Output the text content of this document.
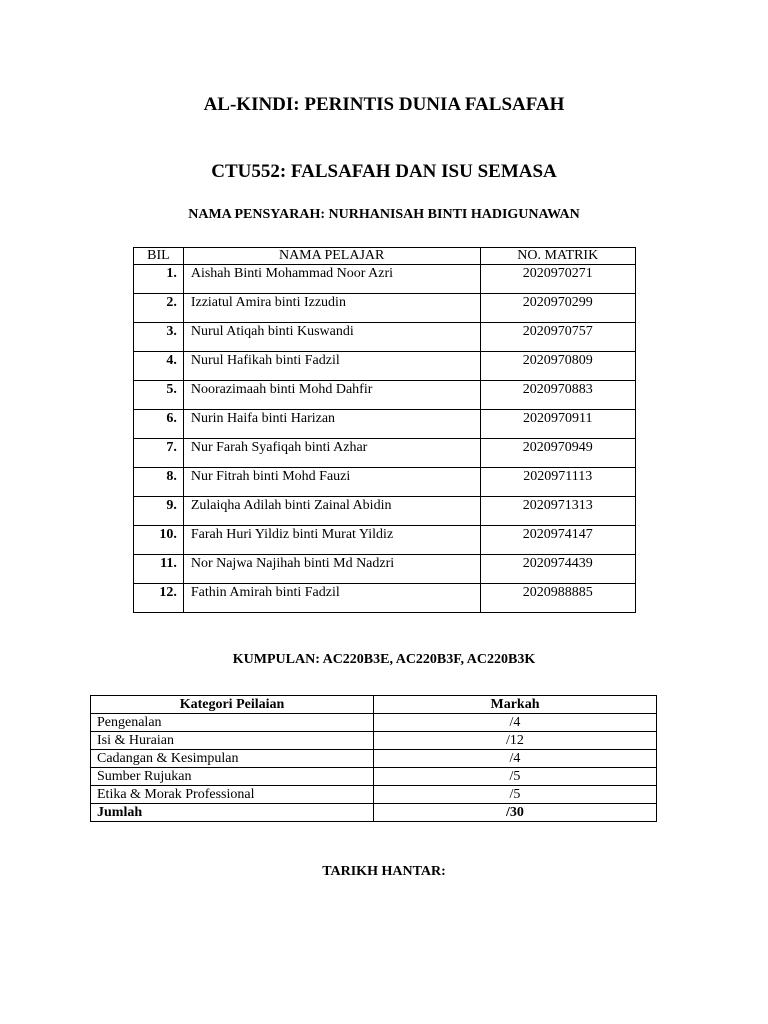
AL-KINDI: PERINTIS DUNIA FALSAFAH
CTU552: FALSAFAH DAN ISU SEMASA
NAMA PENSYARAH: NURHANISAH BINTI HADIGUNAWAN
BIL	NAMA PELAJAR	NO. MATRIK
1.	Aishah Binti Mohammad Noor Azri	2020970271
2.	Izziatul Amira binti Izzudin	2020970299
3.	Nurul Atiqah binti Kuswandi	2020970757
4.	Nurul Hafikah binti Fadzil	2020970809
5.	Noorazimaah binti Mohd Dahfir	2020970883
6.	Nurin Haifa binti Harizan	2020970911
7.	Nur Farah Syafiqah binti Azhar	2020970949
8.	Nur Fitrah binti Mohd Fauzi	2020971113
9.	Zulaiqha Adilah binti Zainal Abidin	2020971313
10.	Farah Huri Yildiz binti Murat Yildiz	2020974147
11.	Nor Najwa Najihah binti Md Nadzri	2020974439
12.	Fathin Amirah binti Fadzil	2020988885
KUMPULAN: AC220B3E, AC220B3F, AC220B3K
Kategori Peilaian	Markah
Pengenalan	/4
Isi & Huraian	/12
Cadangan & Kesimpulan	/4
Sumber Rujukan	/5
Etika & Morak Professional	/5
Jumlah	/30
TARIKH HANTAR:
